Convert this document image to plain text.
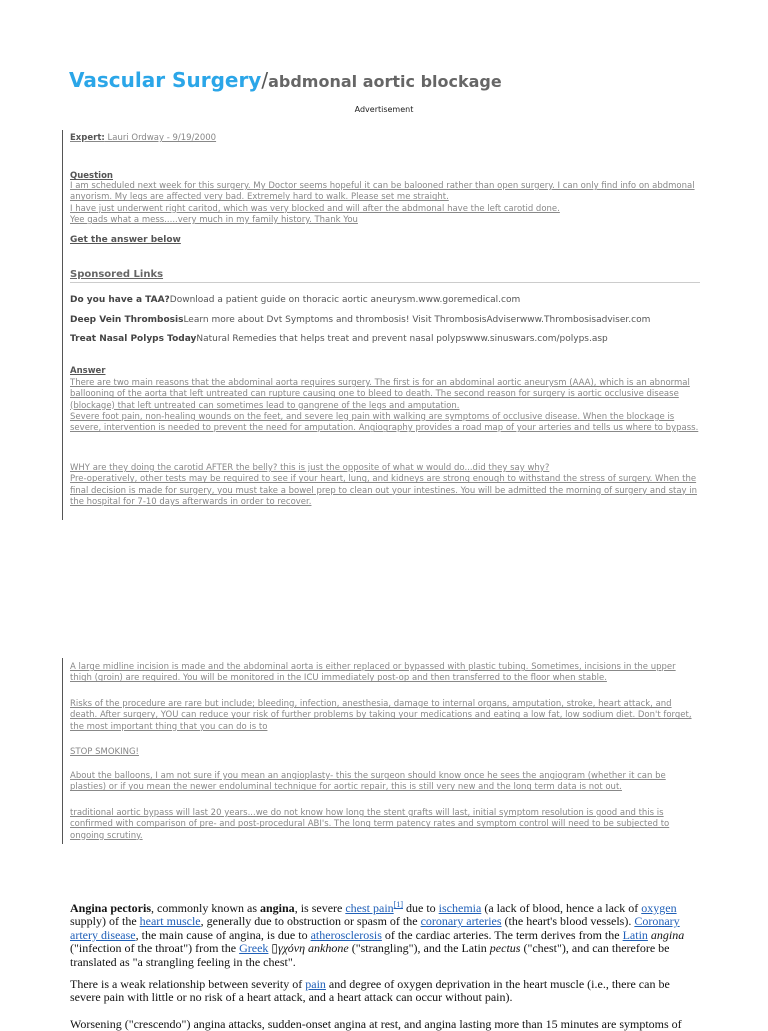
Vascular Surgery/abdmonal aortic blockage
Advertisement
Expert: Lauri Ordway - 9/19/2000
Question
I am scheduled next week for this surgery. My Doctor seems hopeful it can be balooned rather than open surgery. I can only find info on abdmonal anyorism. My legs are affected very bad. Extremely hard to walk. Please set me straight.
I have just underwent right caritod, which was very blocked and will after the abdmonal have the left carotid done.
Yee gads what a mess.....very much in my family history. Thank You
Get the answer below
Sponsored Links
Do you have a TAA?Download a patient guide on thoracic aortic aneurysm.www.goremedical.com
Deep Vein ThrombosisLearn more about Dvt Symptoms and thrombosis! Visit ThrombosisAdviserwww.Thrombosisadviser.com
Treat Nasal Polyps TodayNatural Remedies that helps treat and prevent nasal polypswww.sinuswars.com/polyps.asp
Answer
There are two main reasons that the abdominal aorta requires surgery. The first is for an abdominal aortic aneurysm (AAA), which is an abnormal ballooning of the aorta that left untreated can rupture causing one to bleed to death. The second reason for surgery is aortic occlusive disease (blockage) that left untreated can sometimes lead to gangrene of the legs and amputation.
Severe foot pain, non-healing wounds on the feet, and severe leg pain with walking are symptoms of occlusive disease. When the blockage is severe, intervention is needed to prevent the need for amputation. Angiography provides a road map of your arteries and tells us where to bypass.
WHY are they doing the carotid AFTER the belly? this is just the opposite of what w would do...did they say why?
Pre-operatively, other tests may be required to see if your heart, lung, and kidneys are strong enough to withstand the stress of surgery. When the final decision is made for surgery, you must take a bowel prep to clean out your intestines. You will be admitted the morning of surgery and stay in the hospital for 7-10 days afterwards in order to recover.
A large midline incision is made and the abdominal aorta is either replaced or bypassed with plastic tubing. Sometimes, incisions in the upper thigh (groin) are required. You will be monitored in the ICU immediately post-op and then transferred to the floor when stable.
Risks of the procedure are rare but include; bleeding, infection, anesthesia, damage to internal organs, amputation, stroke, heart attack, and death. After surgery, YOU can reduce your risk of further problems by taking your medications and eating a low fat, low sodium diet. Don't forget, the most important thing that you can do is to
STOP SMOKING!
About the balloons, I am not sure if you mean an angioplasty- this the surgeon should know once he sees the angiogram (whether it can be plasties) or if you mean the newer endoluminal technique for aortic repair, this is still very new and the long term data is not out.
traditional aortic bypass will last 20 years...we do not know how long the stent grafts will last, initial symptom resolution is good and this is confirmed with comparison of pre- and post-procedural ABI's. The long term patency rates and symptom control will need to be subjected to ongoing scrutiny.
Angina pectoris, commonly known as angina, is severe chest pain[1] due to ischemia (a lack of blood, hence a lack of oxygen supply) of the heart muscle, generally due to obstruction or spasm of the coronary arteries (the heart's blood vessels). Coronary artery disease, the main cause of angina, is due to atherosclerosis of the cardiac arteries. The term derives from the Latin angina ("infection of the throat") from the Greek ▯γχόνη ankhone ("strangling"), and the Latin pectus ("chest"), and can therefore be translated as "a strangling feeling in the chest".
There is a weak relationship between severity of pain and degree of oxygen deprivation in the heart muscle (i.e., there can be severe pain with little or no risk of a heart attack, and a heart attack can occur without pain).
Worsening ("crescendo") angina attacks, sudden-onset angina at rest, and angina lasting more than 15 minutes are symptoms of
